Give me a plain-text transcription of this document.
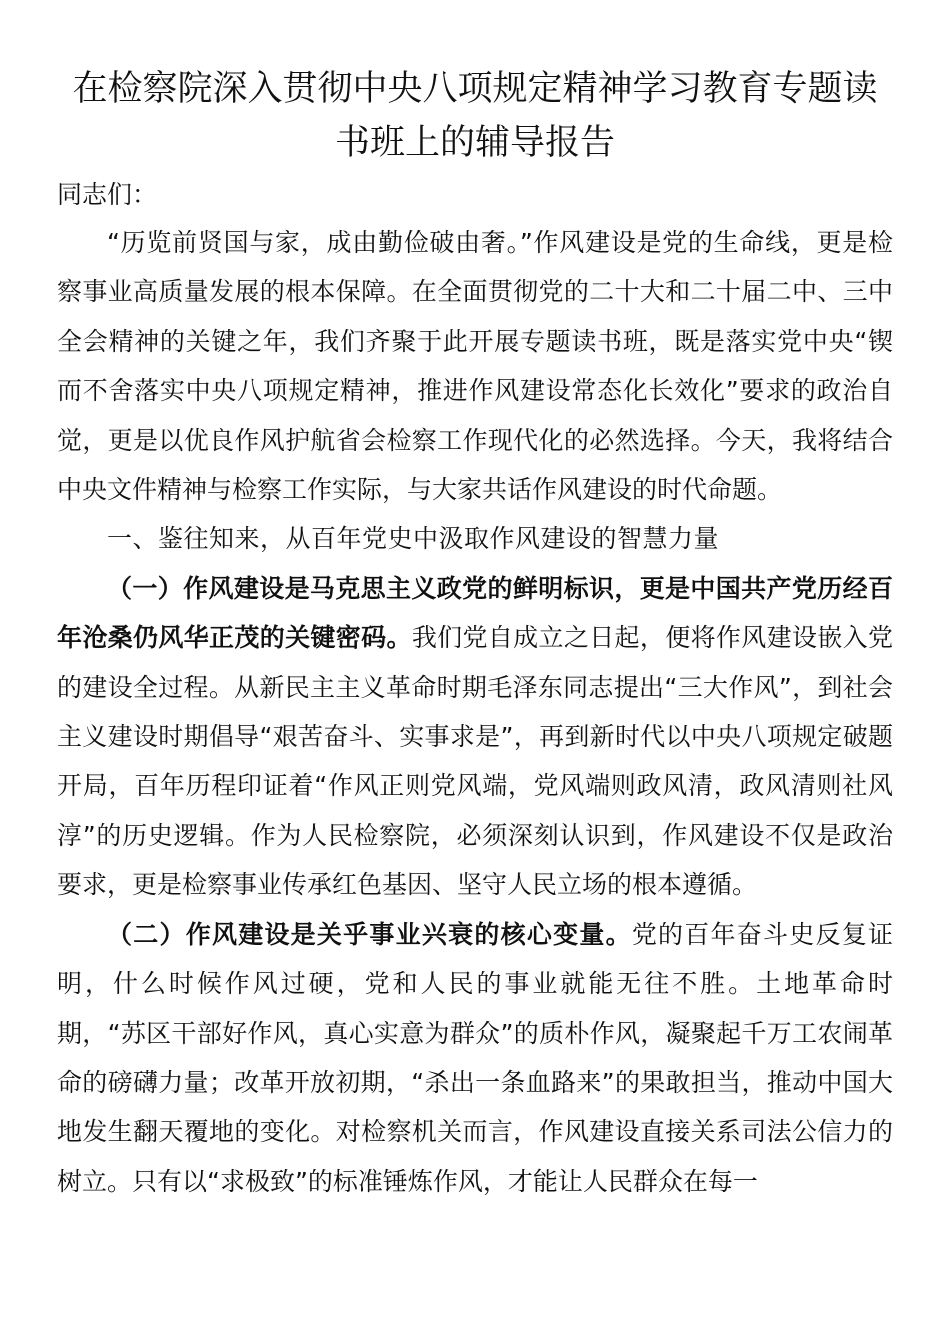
在检察院深入贯彻中央八项规定精神学习教育专题读
书班上的辅导报告

同志们：

“历览前贤国与家，成由勤俭破由奢。”作风建设是党的生命线，更是检察事业高质量发展的根本保障。在全面贯彻党的二十大和二十届二中、三中全会精神的关键之年，我们齐聚于此开展专题读书班，既是落实党中央“锲而不舍落实中央八项规定精神，推进作风建设常态化长效化”要求的政治自觉，更是以优良作风护航省会检察工作现代化的必然选择。今天，我将结合中央文件精神与检察工作实际，与大家共话作风建设的时代命题。

一、鉴往知来，从百年党史中汲取作风建设的智慧力量

（一）作风建设是马克思主义政党的鲜明标识，更是中国共产党历经百年沧桑仍风华正茂的关键密码。我们党自成立之日起，便将作风建设嵌入党的建设全过程。从新民主主义革命时期毛泽东同志提出“三大作风”，到社会主义建设时期倡导“艰苦奋斗、实事求是”，再到新时代以中央八项规定破题开局，百年历程印证着“作风正则党风端，党风端则政风清，政风清则社风淳”的历史逻辑。作为人民检察院，必须深刻认识到，作风建设不仅是政治要求，更是检察事业传承红色基因、坚守人民立场的根本遵循。

（二）作风建设是关乎事业兴衰的核心变量。党的百年奋斗史反复证明，什么时候作风过硬，党和人民的事业就能无往不胜。土地革命时期，“苏区干部好作风，真心实意为群众”的质朴作风，凝聚起千万工农闹革命的磅礴力量；改革开放初期，“杀出一条血路来”的果敢担当，推动中国大地发生翻天覆地的变化。对检察机关而言，作风建设直接关系司法公信力的树立。只有以“求极致”的标准锤炼作风，才能让人民群众在每一
